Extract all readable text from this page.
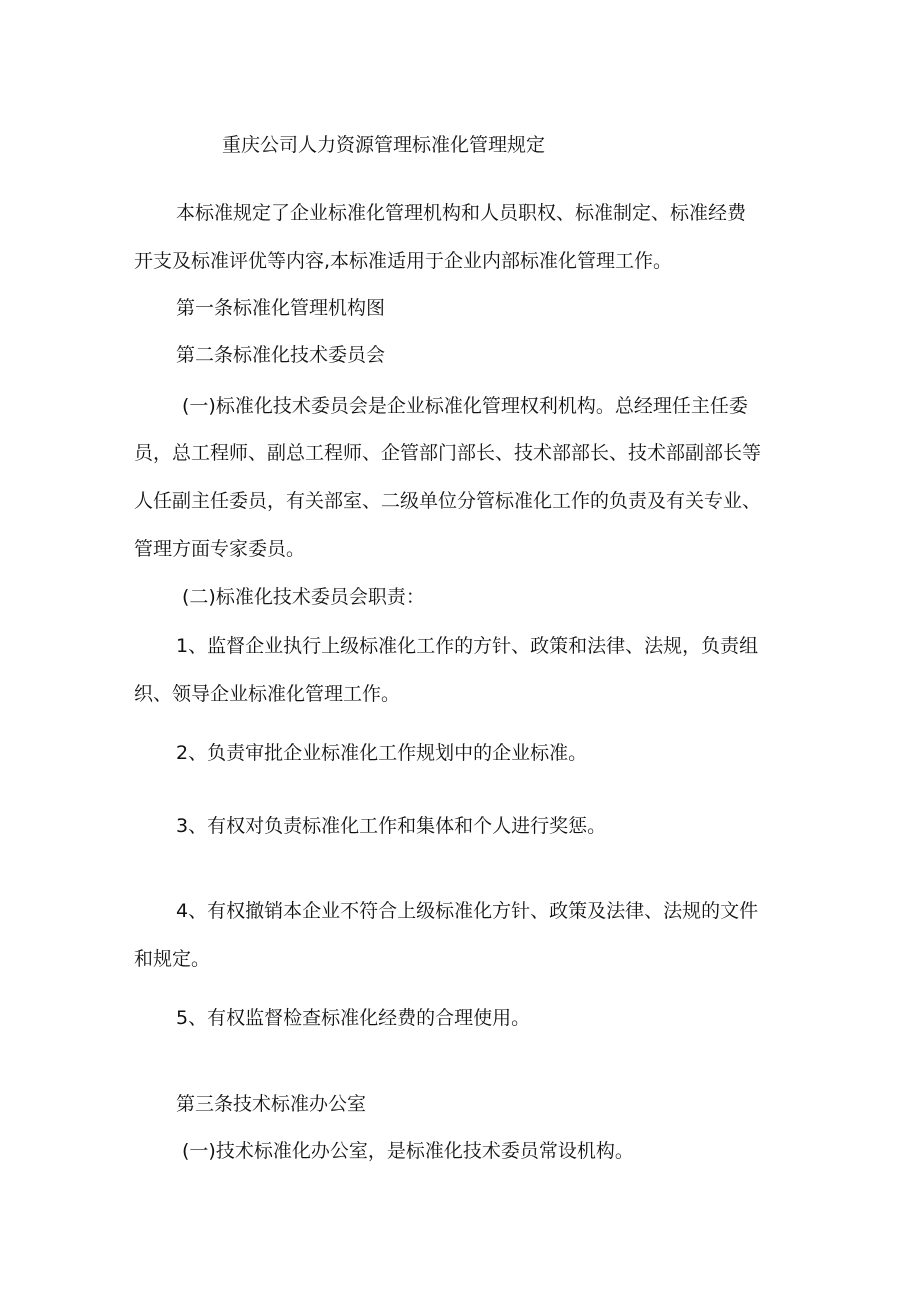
重庆公司人力资源管理标准化管理规定
本标准规定了企业标准化管理机构和人员职权、标准制定、标准经费
开支及标准评优等内容,本标准适用于企业内部标准化管理工作。
第一条标准化管理机构图
第二条标准化技术委员会
(一)标准化技术委员会是企业标准化管理权利机构。总经理任主任委
员，总工程师、副总工程师、企管部门部长、技术部部长、技术部副部长等
人任副主任委员，有关部室、二级单位分管标准化工作的负责及有关专业、
管理方面专家委员。
(二)标准化技术委员会职责：
1、监督企业执行上级标准化工作的方针、政策和法律、法规，负责组
织、领导企业标准化管理工作。
2、负责审批企业标准化工作规划中的企业标准。
3、有权对负责标准化工作和集体和个人进行奖惩。
4、有权撤销本企业不符合上级标准化方针、政策及法律、法规的文件
和规定。
5、有权监督检查标准化经费的合理使用。
第三条技术标准办公室
(一)技术标准化办公室，是标准化技术委员常设机构。
